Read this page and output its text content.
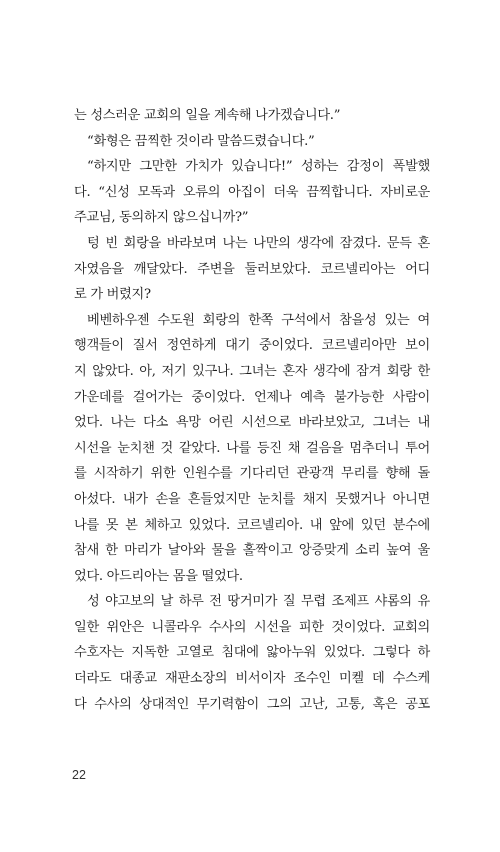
는 성스러운 교회의 일을 계속해 나가겠습니다.”
“화형은 끔찍한 것이라 말씀드렸습니다.”
“하지만 그만한 가치가 있습니다!” 성하는 감정이 폭발했
다. “신성 모독과 오류의 아집이 더욱 끔찍합니다. 자비로운
주교님, 동의하지 않으십니까?”
텅 빈 회랑을 바라보며 나는 나만의 생각에 잠겼다. 문득 혼
자였음을 깨달았다. 주변을 둘러보았다. 코르넬리아는 어디
로 가 버렸지?
베벤하우젠 수도원 회랑의 한쪽 구석에서 참을성 있는 여
행객들이 질서 정연하게 대기 중이었다. 코르넬리아만 보이
지 않았다. 아, 저기 있구나. 그녀는 혼자 생각에 잠겨 회랑 한
가운데를 걸어가는 중이었다. 언제나 예측 불가능한 사람이
었다. 나는 다소 욕망 어린 시선으로 바라보았고, 그녀는 내
시선을 눈치챈 것 같았다. 나를 등진 채 걸음을 멈추더니 투어
를 시작하기 위한 인원수를 기다리던 관광객 무리를 향해 돌
아섰다. 내가 손을 흔들었지만 눈치를 채지 못했거나 아니면
나를 못 본 체하고 있었다. 코르넬리아. 내 앞에 있던 분수에
참새 한 마리가 날아와 물을 홀짝이고 앙증맞게 소리 높여 울
었다. 아드리아는 몸을 떨었다.
성 야고보의 날 하루 전 땅거미가 질 무렵 조제프 샤롬의 유
일한 위안은 니콜라우 수사의 시선을 피한 것이었다. 교회의
수호자는 지독한 고열로 침대에 앓아누워 있었다. 그렇다 하
더라도 대종교 재판소장의 비서이자 조수인 미켈 데 수스케
다 수사의 상대적인 무기력함이 그의 고난, 고통, 혹은 공포
22
